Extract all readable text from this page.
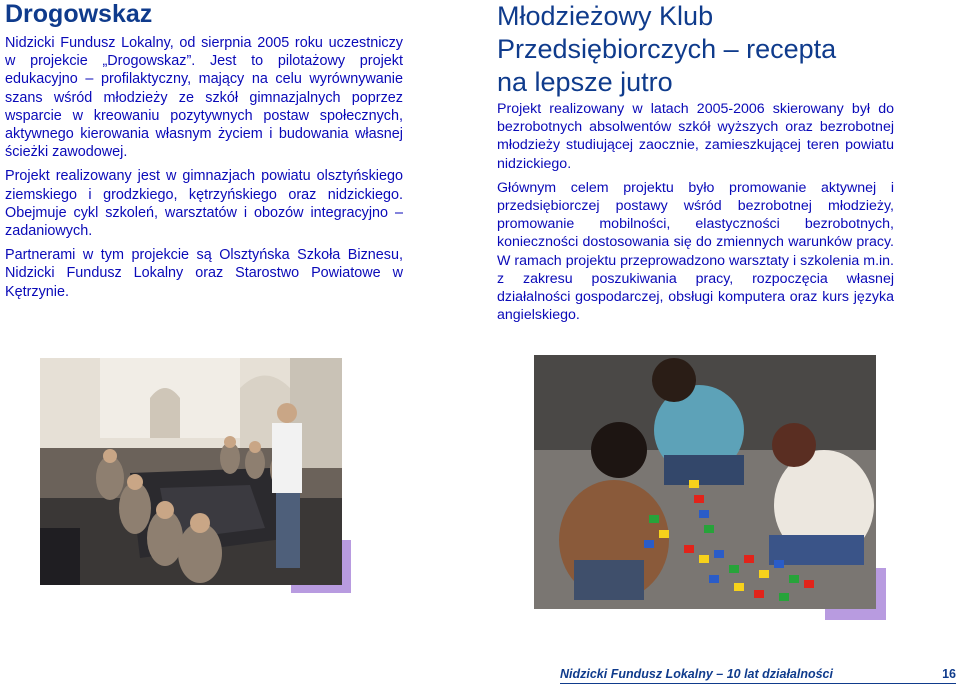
Drogowskaz

Nidzicki Fundusz Lokalny, od sierpnia 2005 roku uczestniczy w projekcie „Drogowskaz”. Jest to pilotażowy projekt edukacyjno – profilaktyczny, mający na celu wyrównywanie szans wśród młodzieży ze szkół gimnazjalnych poprzez wsparcie w kreowaniu pozytywnych postaw społecznych, aktywnego kierowania własnym życiem i budowania własnej ścieżki zawodowej.

Projekt realizowany jest w gimnazjach powiatu olsztyńskiego ziemskiego i grodzkiego, kętrzyńskiego oraz nidzickiego. Obejmuje cykl szkoleń, warsztatów i obozów integracyjno – zadaniowych.

Partnerami w tym projekcie są Olsztyńska Szkoła Biznesu, Nidzicki Fundusz Lokalny oraz Starostwo Powiatowe w Kętrzynie.

Młodzieżowy Klub
Przedsiębiorczych – recepta
na lepsze jutro

Projekt realizowany w latach 2005-2006 skierowany był do bezrobotnych absolwentów szkół wyższych oraz bezrobotnej młodzieży studiującej zaocznie, zamieszkującej teren powiatu nidzickiego.

Głównym celem projektu było promowanie aktywnej i przedsiębiorczej postawy wśród bezrobotnej młodzieży, promowanie mobilności, elastyczności bezrobotnych, konieczności dostosowania się do zmiennych warunków pracy. W ramach projektu przeprowadzono warsztaty i szkolenia m.in. z zakresu poszukiwania pracy, rozpoczęcia własnej działalności gospodarczej, obsługi komputera oraz kurs języka angielskiego.

Nidzicki Fundusz Lokalny – 10 lat działalności	16
